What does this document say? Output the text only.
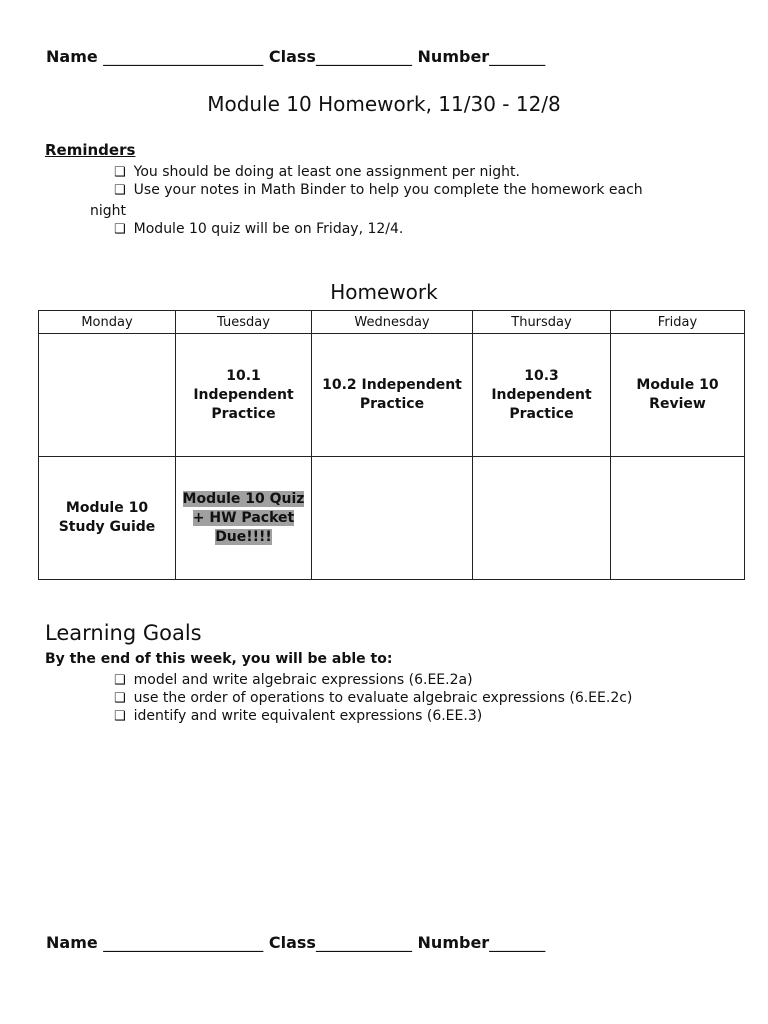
Name ____________________ Class____________ Number_______
Module 10 Homework, 11/30 - 12/8
Reminders
❑ You should be doing at least one assignment per night.
❑ Use your notes in Math Binder to help you complete the homework each
night
❑ Module 10 quiz will be on Friday, 12/4.
Homework
Monday	Tuesday	Wednesday	Thursday	Friday
	10.1 Independent Practice	10.2 Independent Practice	10.3 Independent Practice	Module 10 Review
Module 10 Study Guide	Module 10 Quiz + HW Packet Due!!!!			
Learning Goals
By the end of this week, you will be able to:
❑ model and write algebraic expressions (6.EE.2a)
❑ use the order of operations to evaluate algebraic expressions (6.EE.2c)
❑ identify and write equivalent expressions (6.EE.3)
Name ____________________ Class____________ Number_______
